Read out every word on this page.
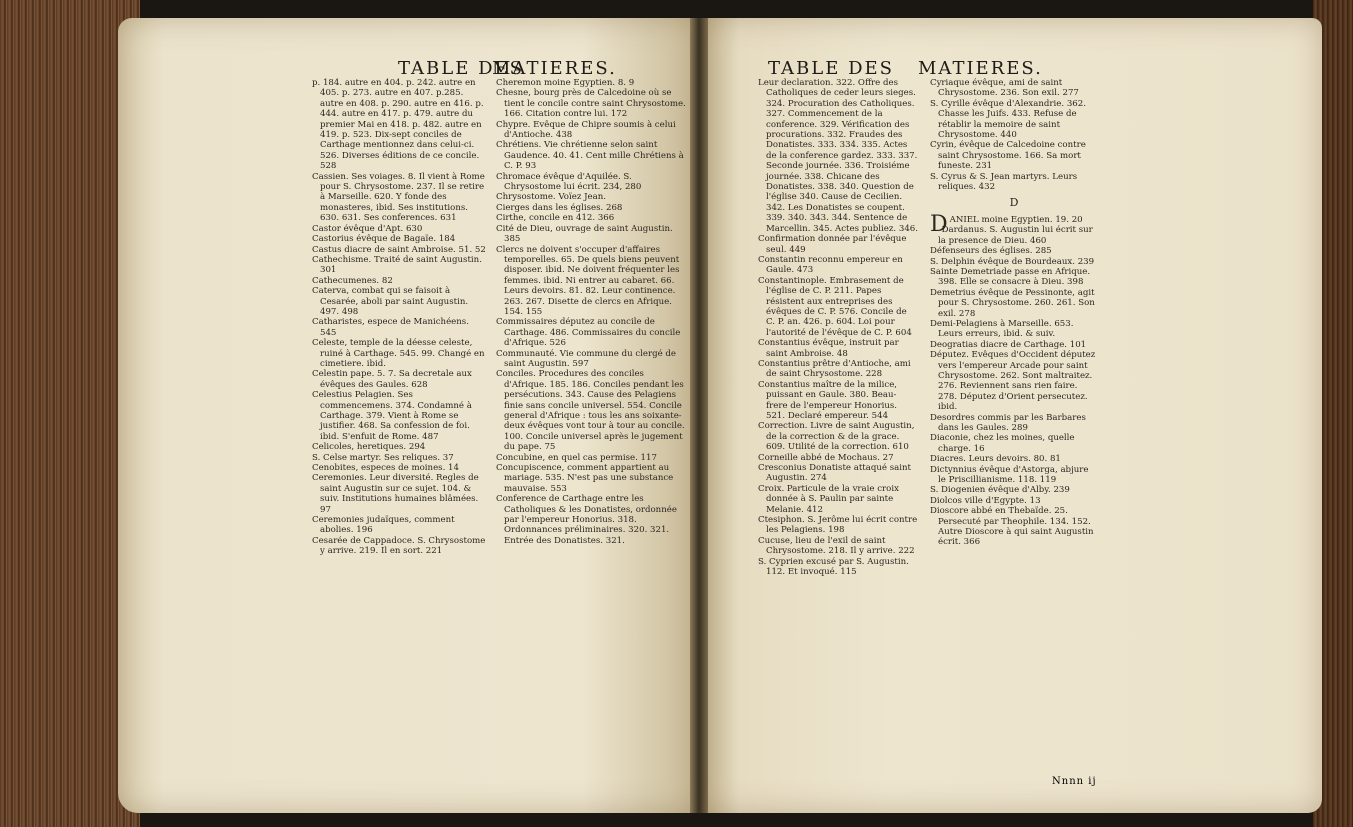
TABLE DES
MATIERES.	TABLE DES MATIERES.
p. 184. autre en 404. p. 242. autre en 405. p. 273. autre en 407. p.285. autre en 408. p. 290. autre en 416. p. 444. autre en 417. p. 479. autre du premier Mai en 418. p. 482. autre en 419. p. 523. Dix-sept conciles de Carthage mentionnez dans celui-ci. 526. Diverses éditions de ce concile. 528
Cassien. Ses voiages. 8. Il vient à Rome pour S. Chrysostome. 237. Il se retire à Marseille. 620. Y fonde des monasteres, ibid. Ses institutions. 630. 631. Ses conferences. 631
Castor évêque d'Apt. 630
Castorius évêque de Bagaïe. 184
Castus diacre de saint Ambroise. 51. 52
Cathechisme. Traité de saint Augustin. 301
Cathecumenes. 82
Caterva, combat qui se faisoit à Cesarée, aboli par saint Augustin. 497. 498
Catharistes, espece de Manichéens. 545
Celeste, temple de la déesse celeste, ruiné à Carthage. 545. 99. Changé en cimetiere. ibid.
Celestin pape. 5. 7. Sa decretale aux évêques des Gaules. 628
Celestius Pelagien. Ses commencemens. 374. Condamné à Carthage. 379. Vient à Rome se justifier. 468. Sa confession de foi. ibid. S'enfuit de Rome. 487
Celicoles, heretiques. 294
S. Celse martyr. Ses reliques. 37
Cenobites, especes de moines. 14
Ceremonies. Leur diversité. Regles de saint Augustin sur ce sujet. 104. & suiv. Institutions humaines blâmées. 97
Ceremonies judaïques, comment abolies. 196
Cesarée de Cappadoce. S. Chrysostome y arrive. 219. Il en sort. 221
Cheremon moine Egyptien. 8. 9
Chesne, bourg près de Calcedoine où se tient le concile contre saint Chrysostome. 166. Citation contre lui. 172
Chypre. Evêque de Chipre soumis à celui d'Antioche. 438
Chrétiens. Vie chrétienne selon saint Gaudence. 40. 41. Cent mille Chrétiens à C. P. 93
Chromace évêque d'Aquilée. S. Chrysostome lui écrit. 234, 280
Chrysostome. Voïez Jean.
Cierges dans les églises. 268
Cirthe, concile en 412. 366
Cité de Dieu, ouvrage de saint Augustin. 385
Clercs ne doivent s'occuper d'affaires temporelles. 65. De quels biens peuvent disposer. ibid. Ne doivent fréquenter les femmes. ibid. Ni entrer au cabaret. 66. Leurs devoirs. 81. 82. Leur continence. 263. 267. Disette de clercs en Afrique. 154. 155
Commissaires députez au concile de Carthage. 486. Commissaires du concile d'Afrique. 526
Communauté. Vie commune du clergé de saint Augustin. 597
Conciles. Procedures des conciles d'Afrique. 185. 186. Conciles pendant les persécutions. 343. Cause des Pelagiens finie sans concile universel. 554. Concile general d'Afrique : tous les ans soixante-deux évêques vont tour à tour au concile. 100. Concile universel après le jugement du pape. 75
Concubine, en quel cas permise. 117
Concupiscence, comment appartient au mariage. 535. N'est pas une substance mauvaise. 553
Conference de Carthage entre les Catholiques & les Donatistes, ordonnée par l'empereur Honorius. 318. Ordonnances préliminaires. 320. 321. Entrée des Donatistes. 321.
Leur declaration. 322. Offre des Catholiques de ceder leurs sieges. 324. Procuration des Catholiques. 327. Commencement de la conference. 329. Vérification des procurations. 332. Fraudes des Donatistes. 333. 334. 335. Actes de la conference gardez. 333. 337. Seconde journée. 336. Troisiéme journée. 338. Chicane des Donatistes. 338. 340. Question de l'église 340. Cause de Cecilien. 342. Les Donatistes se coupent. 339. 340. 343. 344. Sentence de Marcellin. 345. Actes publiez. 346.
Confirmation donnée par l'évêque seul. 449
Constantin reconnu empereur en Gaule. 473
Constantinople. Embrasement de l'église de C. P. 211. Papes résistent aux entreprises des évêques de C. P. 576. Concile de C. P. an. 426. p. 604. Loi pour l'autorité de l'évêque de C. P. 604
Constantius évêque, instruit par saint Ambroise. 48
Constantius prêtre d'Antioche, ami de saint Chrysostome. 228
Constantius maître de la milice, puissant en Gaule. 380. Beau-frere de l'empereur Honorius. 521. Declaré empereur. 544
Correction. Livre de saint Augustin, de la correction & de la grace. 609. Utilité de la correction. 610
Corneille abbé de Mochaus. 27
Cresconius Donatiste attaqué saint Augustin. 274
Croix. Particule de la vraie croix donnée à S. Paulin par sainte Melanie. 412
Ctesiphon. S. Jerôme lui écrit contre les Pelagiens. 198
Cucuse, lieu de l'exil de saint Chrysostome. 218. Il y arrive. 222
S. Cyprien excusé par S. Augustin. 112. Et invoqué. 115
Cyriaque évêque, ami de saint Chrysostome. 236. Son exil. 277
S. Cyrille évêque d'Alexandrie. 362. Chasse les Juifs. 433. Refuse de rétablir la memoire de saint Chrysostome. 440
Cyrin, évêque de Calcedoine contre saint Chrysostome. 166. Sa mort funeste. 231
S. Cyrus & S. Jean martyrs. Leurs reliques. 432
D
DANIEL moine Egyptien. 19. 20
Dardanus. S. Augustin lui écrit sur la presence de Dieu. 460
Défenseurs des églises. 285
S. Delphin évêque de Bourdeaux. 239
Sainte Demetriade passe en Afrique. 398. Elle se consacre à Dieu. 398
Demetrius évêque de Pessinonte, agit pour S. Chrysostome. 260. 261. Son exil. 278
Demi-Pelagiens à Marseille. 653. Leurs erreurs, ibid. & suiv.
Deogratias diacre de Carthage. 101
Députez. Evêques d'Occident députez vers l'empereur Arcade pour saint Chrysostome. 262. Sont maltraitez. 276. Reviennent sans rien faire. 278. Députez d'Orient persecutez. ibid.
Desordres commis par les Barbares dans les Gaules. 289
Diaconie, chez les moines, quelle charge. 16
Diacres. Leurs devoirs. 80. 81
Dictynnius évêque d'Astorga, abjure le Priscillianisme. 118. 119
S. Diogenien évêque d'Alby. 239
Diolcos ville d'Egypte. 13
Dioscore abbé en Thebaïde. 25. Persecuté par Theophile. 134. 152. Autre Dioscore à qui saint Augustin écrit. 366
Nnnn ij
